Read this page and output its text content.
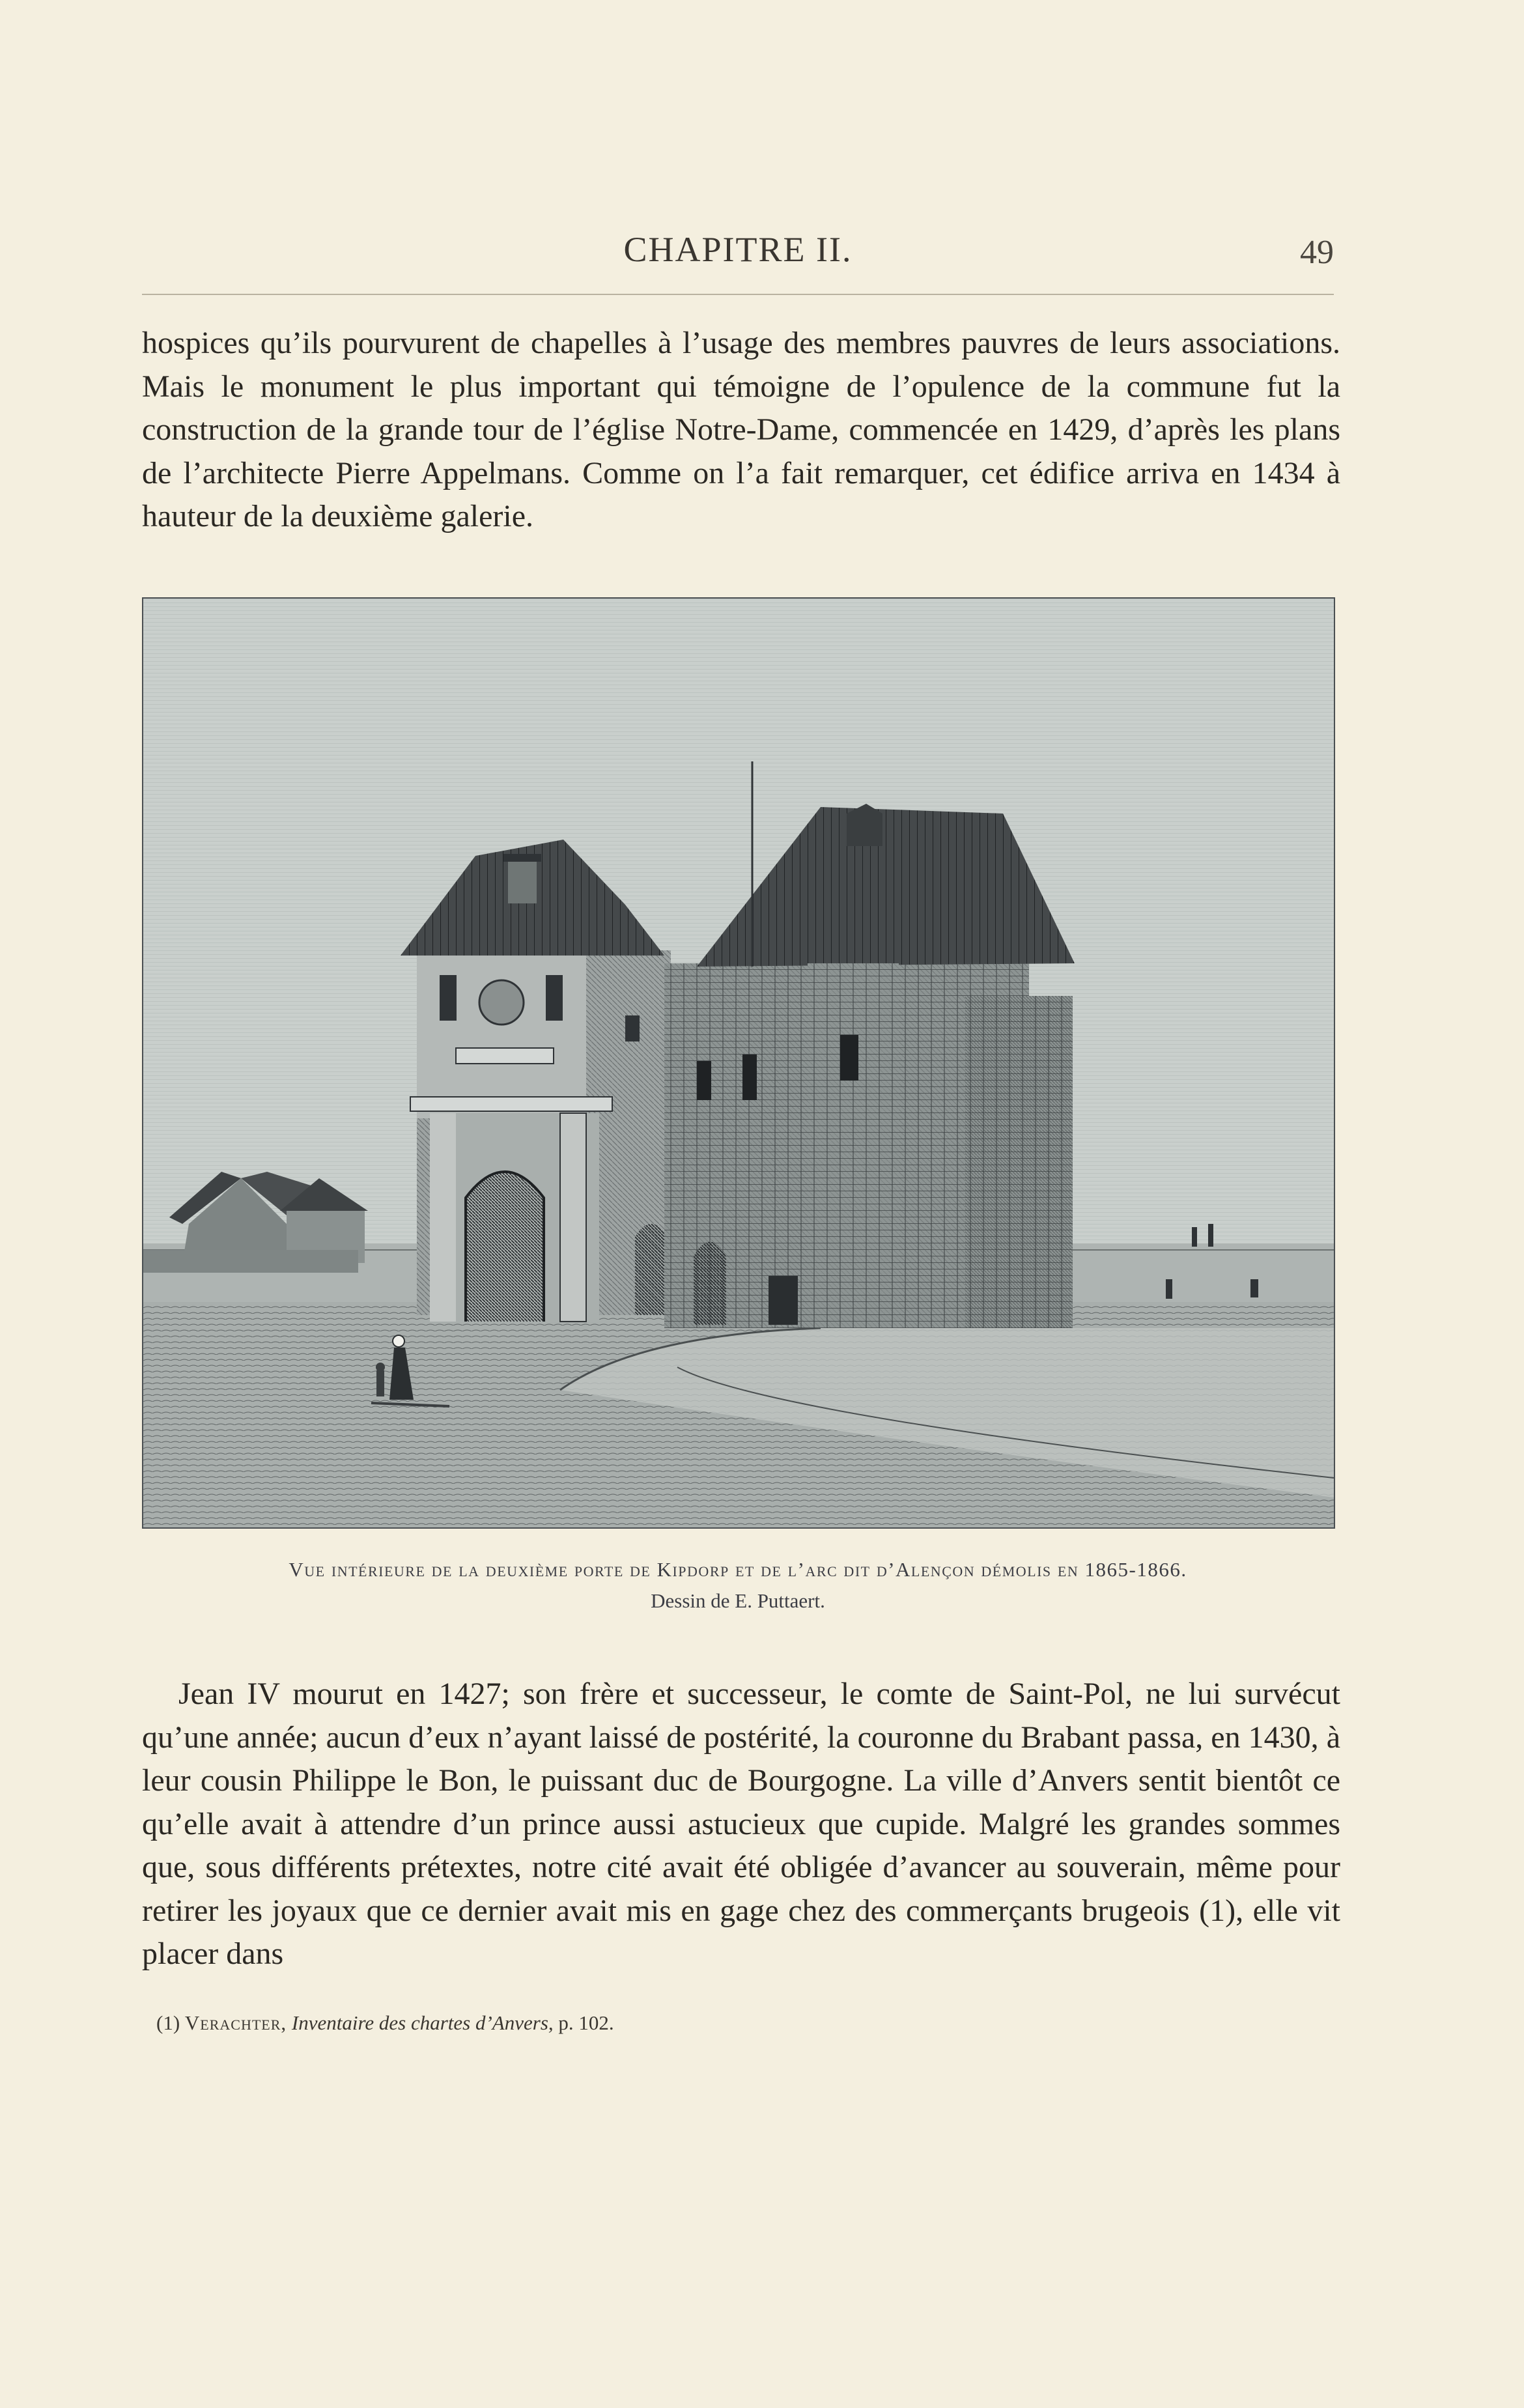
CHAPITRE II.	49
hospices qu’ils pourvurent de chapelles à l’usage des membres pauvres de leurs associations. Mais le monument le plus important qui témoigne de l’opulence de la commune fut la construction de la grande tour de l’église Notre-Dame, commencée en 1429, d’après les plans de l’architecte Pierre Appelmans. Comme on l’a fait remarquer, cet édifice arriva en 1434 à hauteur de la deuxième galerie.
Vue intérieure de la deuxième porte de Kipdorp et de l’arc dit d’Alençon démolis en 1865-1866.
Dessin de E. Puttaert.
Jean IV mourut en 1427; son frère et successeur, le comte de Saint-Pol, ne lui survécut qu’une année; aucun d’eux n’ayant laissé de postérité, la couronne du Brabant passa, en 1430, à leur cousin Philippe le Bon, le puissant duc de Bourgogne. La ville d’Anvers sentit bientôt ce qu’elle avait à attendre d’un prince aussi astucieux que cupide. Malgré les grandes sommes que, sous différents prétextes, notre cité avait été obligée d’avancer au souverain, même pour retirer les joyaux que ce dernier avait mis en gage chez des commerçants brugeois (1), elle vit placer dans
(1) Verachter, Inventaire des chartes d’Anvers, p. 102.
